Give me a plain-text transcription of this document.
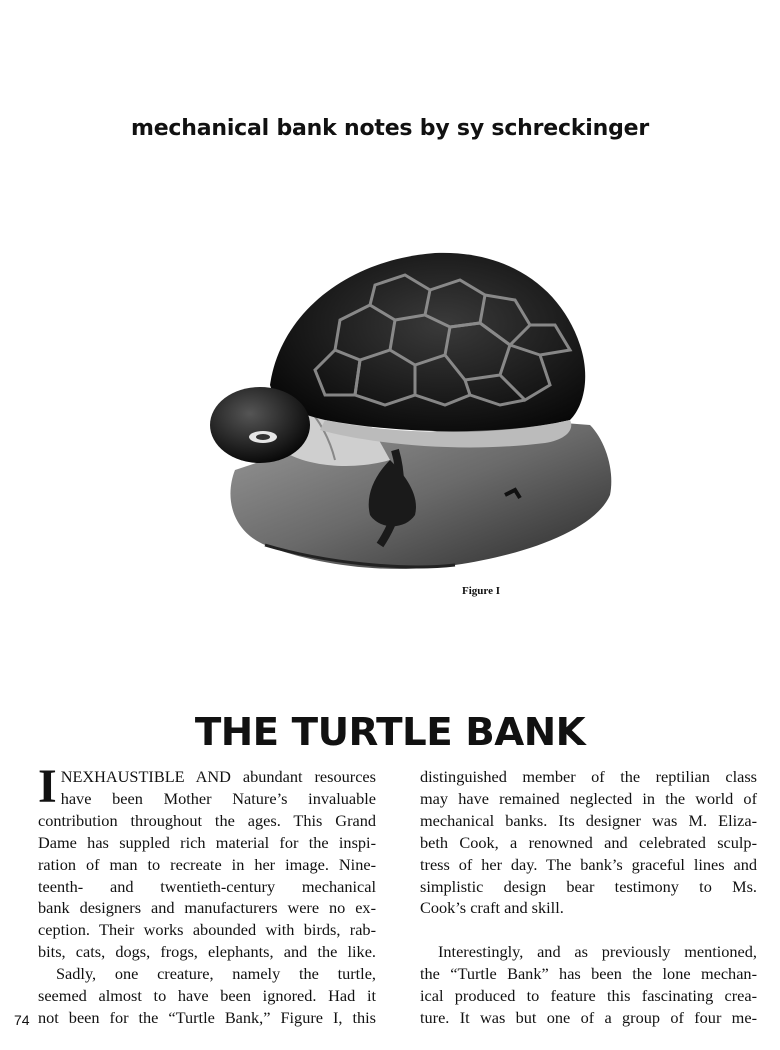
mechanical bank notes by sy schreckinger
Figure I
THE TURTLE BANK
I NEXHAUSTIBLE AND abundant resources
have been Mother Nature’s invaluable
contribution throughout the ages. This Grand
Dame has suppled rich material for the inspi-
ration of man to recreate in her image. Nine-
teenth- and twentieth-century mechanical
bank designers and manufacturers were no ex-
ception. Their works abounded with birds, rab-
bits, cats, dogs, frogs, elephants, and the like.
Sadly, one creature, namely the turtle,
seemed almost to have been ignored. Had it
not been for the “Turtle Bank,” Figure I, this
distinguished member of the reptilian class
may have remained neglected in the world of
mechanical banks. Its designer was M. Eliza-
beth Cook, a renowned and celebrated sculp-
tress of her day. The bank’s graceful lines and
simplistic design bear testimony to Ms.
Cook’s craft and skill.
Interestingly, and as previously mentioned,
the “Turtle Bank” has been the lone mechan-
ical produced to feature this fascinating crea-
ture. It was but one of a group of four me-
74
